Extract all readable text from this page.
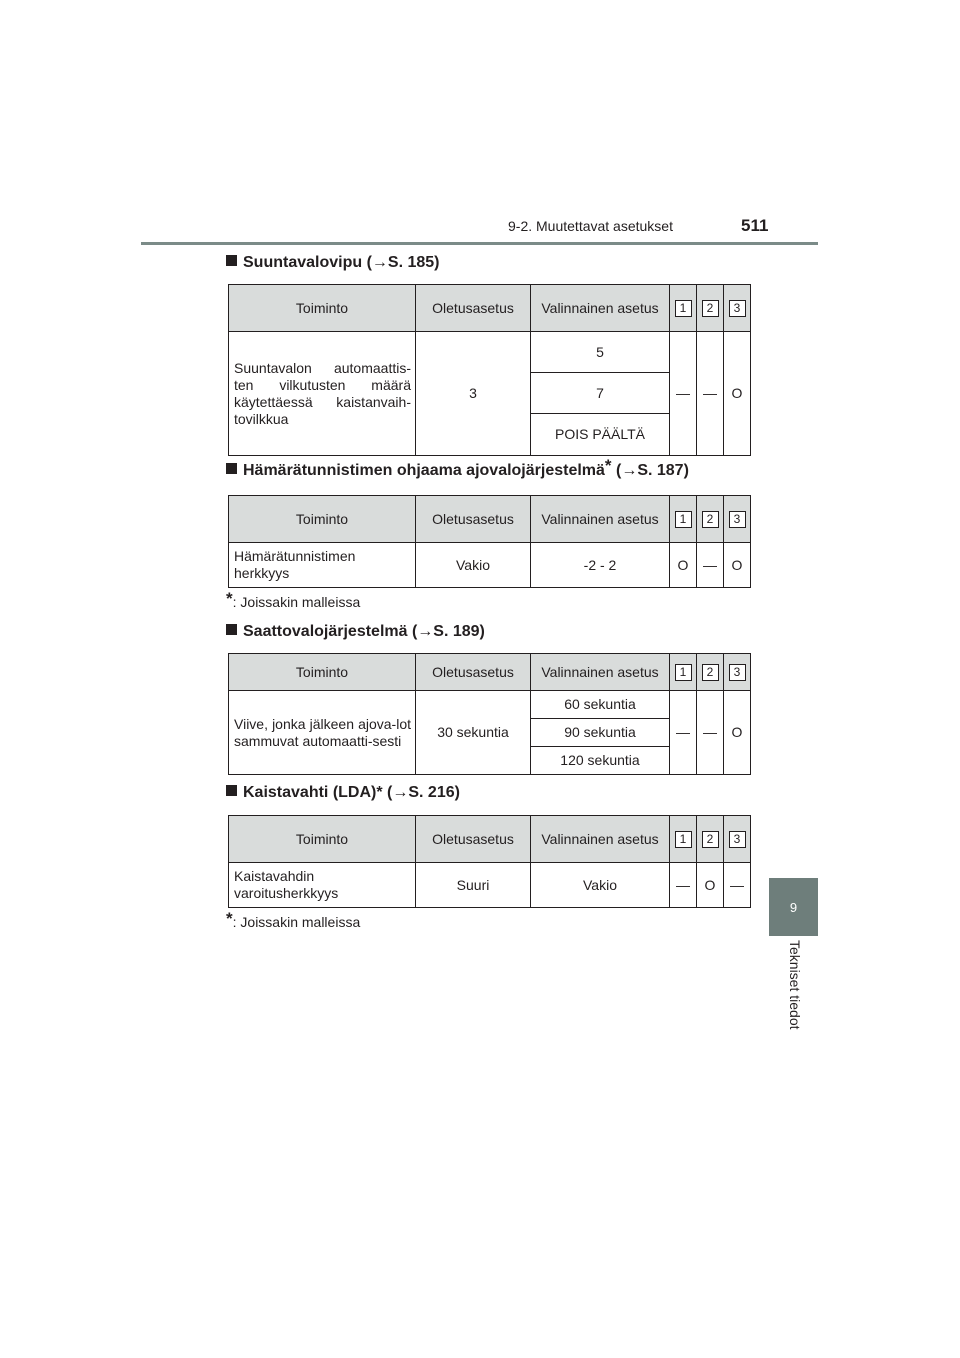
9-2. Muutettavat asetukset	511
9
Tekniset tiedot
Suuntavalovipu (→S. 185)
Toiminto	Oletusasetus	Valinnainen asetus	1	2	3
Suuntavalon automaattis-ten vilkutusten määrä käytettäessä kaistanvaih-tovilkkua	3	5	—	—	O
		7			
		POIS PÄÄLTÄ			
Hämärätunnistimen ohjaama ajovalojärjestelmä* (→S. 187)
Toiminto	Oletusasetus	Valinnainen asetus	1	2	3
Hämärätunnistimen herkkyys	Vakio	-2 - 2	O	—	O
*: Joissakin malleissa
Saattovalojärjestelmä (→S. 189)
Toiminto	Oletusasetus	Valinnainen asetus	1	2	3
Viive, jonka jälkeen ajova-lot sammuvat automaatti-sesti	30 sekuntia	60 sekuntia	—	—	O
		90 sekuntia			
		120 sekuntia			
Kaistavahti (LDA)* (→S. 216)
Toiminto	Oletusasetus	Valinnainen asetus	1	2	3
Kaistavahdin varoitusherkkyys	Suuri	Vakio	—	O	—
*: Joissakin malleissa
